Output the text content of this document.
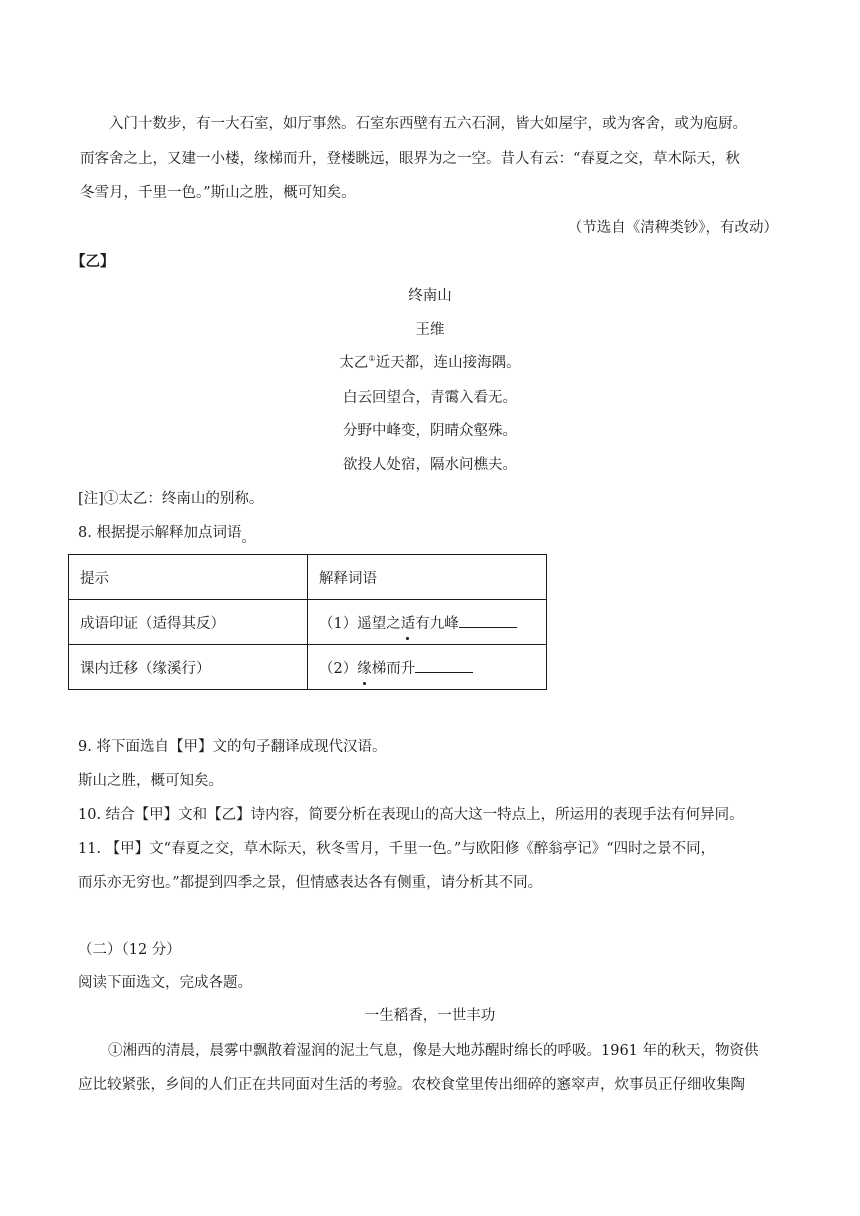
入门十数步，有一大石室，如厅事然。石室东西壁有五六石洞，皆大如屋宇，或为客舍，或为庖厨。
而客舍之上，又建一小楼，缘梯而升，登楼眺远，眼界为之一空。昔人有云：“春夏之交，草木际天，秋
冬雪月，千里一色。”斯山之胜，概可知矣。
（节选自《清稗类钞》，有改动）
【乙】
终南山
王维
太乙①近天都，连山接海隅。
白云回望合，青霭入看无。
分野中峰变，阴晴众壑殊。
欲投人处宿，隔水问樵夫。
[注]①太乙：终南山的别称。
8. 根据提示解释加点词语。
提示	解释词语
成语印证（适得其反）	（1）遥望之适有九峰
课内迁移（缘溪行）	（2）缘梯而升
9. 将下面选自【甲】文的句子翻译成现代汉语。
斯山之胜，概可知矣。
10. 结合【甲】文和【乙】诗内容，简要分析在表现山的高大这一特点上，所运用的表现手法有何异同。
11. 【甲】文“春夏之交，草木际天，秋冬雪月，千里一色。”与欧阳修《醉翁亭记》“四时之景不同，
而乐亦无穷也。”都提到四季之景，但情感表达各有侧重，请分析其不同。
（二）（12 分）
阅读下面选文，完成各题。
一生稻香，一世丰功
①湘西的清晨，晨雾中飘散着湿润的泥土气息，像是大地苏醒时绵长的呼吸。1961 年的秋天，物资供
应比较紧张，乡间的人们正在共同面对生活的考验。农校食堂里传出细碎的窸窣声，炊事员正仔细收集陶
